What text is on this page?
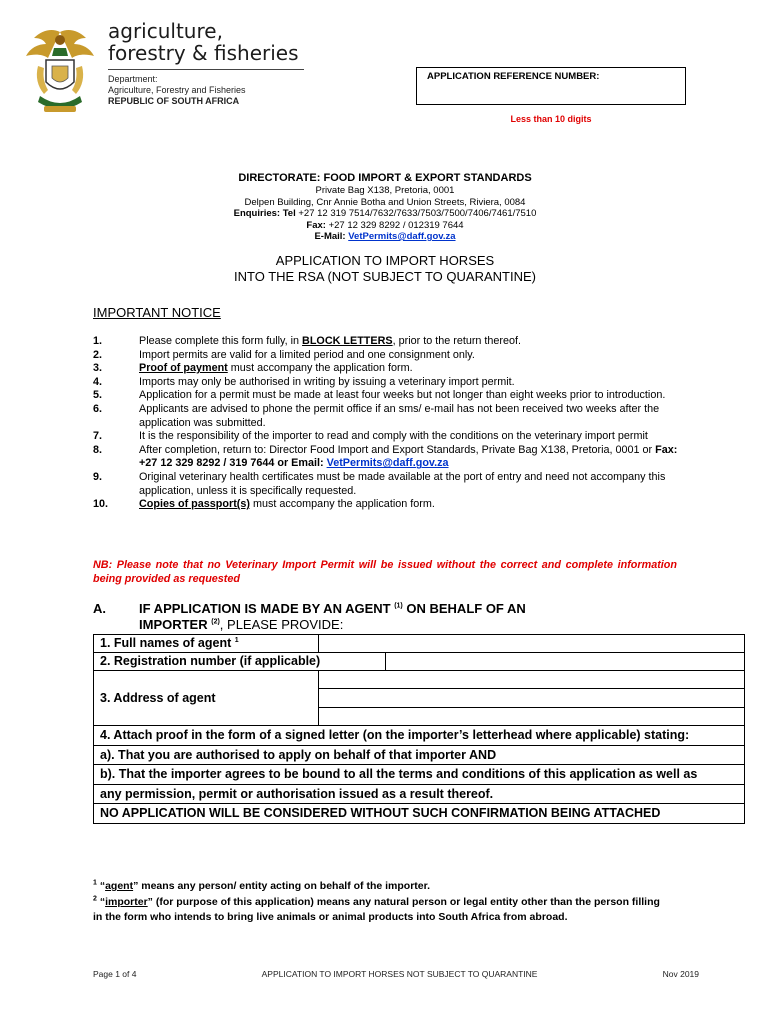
agriculture,
forestry & fisheries
Department:
Agriculture, Forestry and Fisheries
REPUBLIC OF SOUTH AFRICA
APPLICATION REFERENCE NUMBER:
Less than 10 digits
DIRECTORATE: FOOD IMPORT & EXPORT STANDARDS
Private Bag X138, Pretoria, 0001
Delpen Building, Cnr Annie Botha and Union Streets, Riviera, 0084
Enquiries: Tel +27 12 319 7514/7632/7633/7503/7500/7406/7461/7510
Fax: +27 12 329 8292 / 012319 7644
E-Mail: VetPermits@daff.gov.za
APPLICATION TO IMPORT HORSES
INTO THE RSA (NOT SUBJECT TO QUARANTINE)
IMPORTANT NOTICE
1.	Please complete this form fully, in BLOCK LETTERS, prior to the return thereof.
2.	Import permits are valid for a limited period and one consignment only.
3.	Proof of payment must accompany the application form.
4.	Imports may only be authorised in writing by issuing a veterinary import permit.
5.	Application for a permit must be made at least four weeks but not longer than eight weeks prior to introduction.
6.	Applicants are advised to phone the permit office if an sms/ e-mail has not been received two weeks after the application was submitted.
7.	It is the responsibility of the importer to read and comply with the conditions on the veterinary import permit
8.	After completion, return to: Director Food Import and Export Standards, Private Bag X138, Pretoria, 0001 or Fax: +27 12 329 8292 / 319 7644 or Email: VetPermits@daff.gov.za
9.	Original veterinary health certificates must be made available at the port of entry and need not accompany this application, unless it is specifically requested.
10.	Copies of passport(s) must accompany the application form.
NB: Please note that no Veterinary Import Permit will be issued without the correct and complete information being provided as requested
A.	IF APPLICATION IS MADE BY AN AGENT $^{(1)}$ ON BEHALF OF AN
IMPORTER $^{(2)}$, PLEASE PROVIDE:
1. Full names of agent $^1$
2. Registration number (if applicable)
3. Address of agent
4. Attach proof in the form of a signed letter (on the importer’s letterhead where applicable) stating:
a). That you are authorised to apply on behalf of that importer AND
b). That the importer agrees to be bound to all the terms and conditions of this application as well as
any permission, permit or authorisation issued as a result thereof.
NO APPLICATION WILL BE CONSIDERED WITHOUT SUCH CONFIRMATION BEING ATTACHED
$^1$ “agent” means any person/ entity acting on behalf of the importer.
$^2$ “importer” (for purpose of this application) means any natural person or legal entity other than the person filling in the form who intends to bring live animals or animal products into South Africa from abroad.
Page 1 of 4	APPLICATION TO IMPORT HORSES NOT SUBJECT TO QUARANTINE	Nov 2019
